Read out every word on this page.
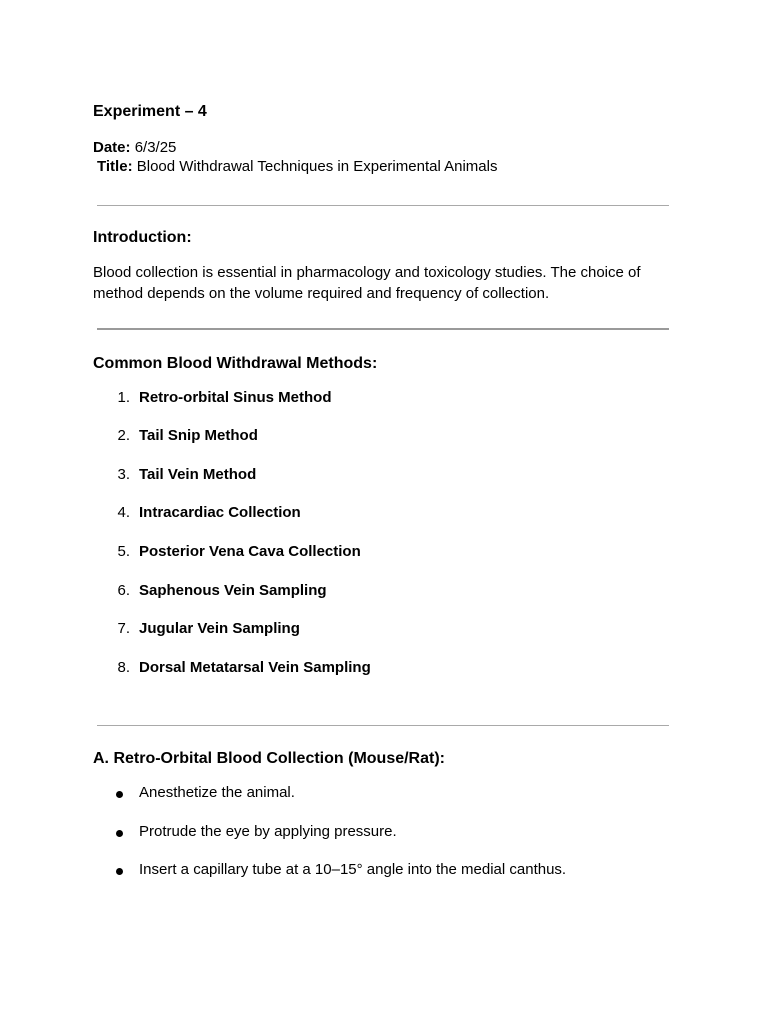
Experiment – 4
Date: 6/3/25
Title: Blood Withdrawal Techniques in Experimental Animals
Introduction:
Blood collection is essential in pharmacology and toxicology studies. The choice of method depends on the volume required and frequency of collection.
Common Blood Withdrawal Methods:
1. Retro-orbital Sinus Method
2. Tail Snip Method
3. Tail Vein Method
4. Intracardiac Collection
5. Posterior Vena Cava Collection
6. Saphenous Vein Sampling
7. Jugular Vein Sampling
8. Dorsal Metatarsal Vein Sampling
A. Retro-Orbital Blood Collection (Mouse/Rat):
Anesthetize the animal.
Protrude the eye by applying pressure.
Insert a capillary tube at a 10–15° angle into the medial canthus.
